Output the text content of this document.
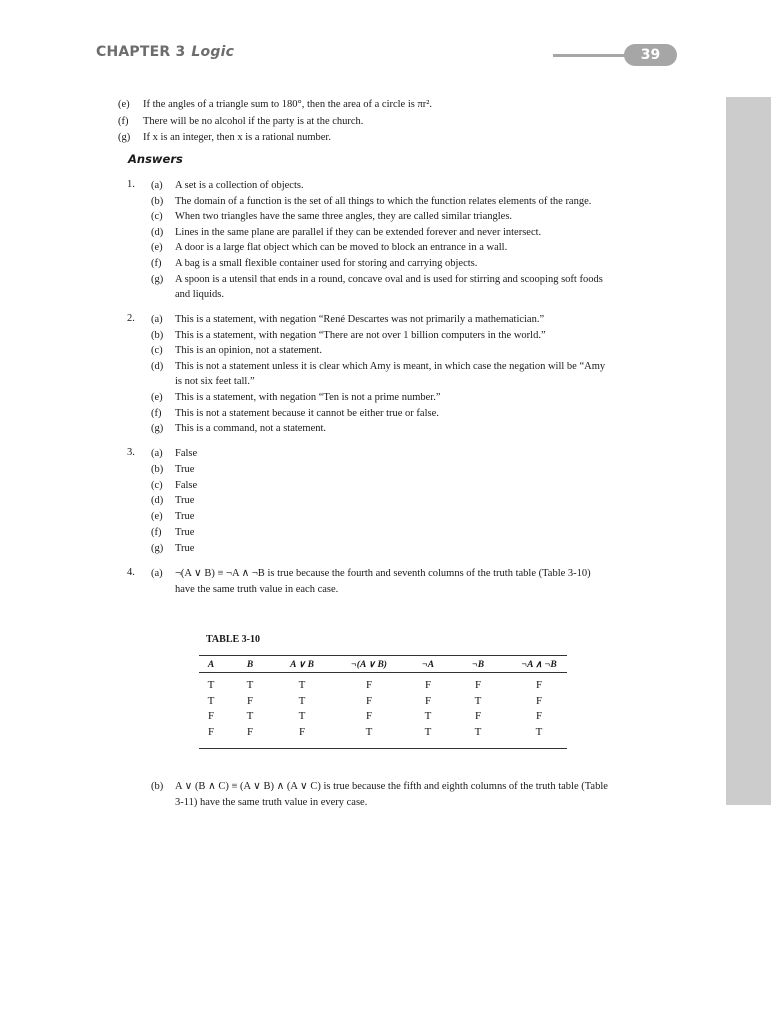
CHAPTER 3 Logic	39
(e) If the angles of a triangle sum to 180°, then the area of a circle is πr².
(f) There will be no alcohol if the party is at the church.
(g) If x is an integer, then x is a rational number.
Answers
1. (a) A set is a collection of objects.
(b) The domain of a function is the set of all things to which the function relates elements of the range.
(c) When two triangles have the same three angles, they are called similar triangles.
(d) Lines in the same plane are parallel if they can be extended forever and never intersect.
(e) A door is a large flat object which can be moved to block an entrance in a wall.
(f) A bag is a small flexible container used for storing and carrying objects.
(g) A spoon is a utensil that ends in a round, concave oval and is used for stirring and scooping soft foods
and liquids.
2. (a) This is a statement, with negation “René Descartes was not primarily a mathematician.”
(b) This is a statement, with negation “There are not over 1 billion computers in the world.”
(c) This is an opinion, not a statement.
(d) This is not a statement unless it is clear which Amy is meant, in which case the negation will be “Amy
is not six feet tall.”
(e) This is a statement, with negation “Ten is not a prime number.”
(f) This is not a statement because it cannot be either true or false.
(g) This is a command, not a statement.
3. (a) False
(b) True
(c) False
(d) True
(e) True
(f) True
(g) True
4. (a) ¬(A ∨ B) ≡ ¬A ∧ ¬B is true because the fourth and seventh columns of the truth table (Table 3-10)
have the same truth value in each case.
TABLE 3-10
A	B	A ∨ B	¬(A ∨ B)	¬A	¬B	¬A ∧ ¬B
T	T	T	F	F	F	F
T	F	T	F	F	T	F
F	T	T	F	T	F	F
F	F	F	T	T	T	T
(b) A ∨ (B ∧ C) ≡ (A ∨ B) ∧ (A ∨ C) is true because the fifth and eighth columns of the truth table (Table
3-11) have the same truth value in every case.
